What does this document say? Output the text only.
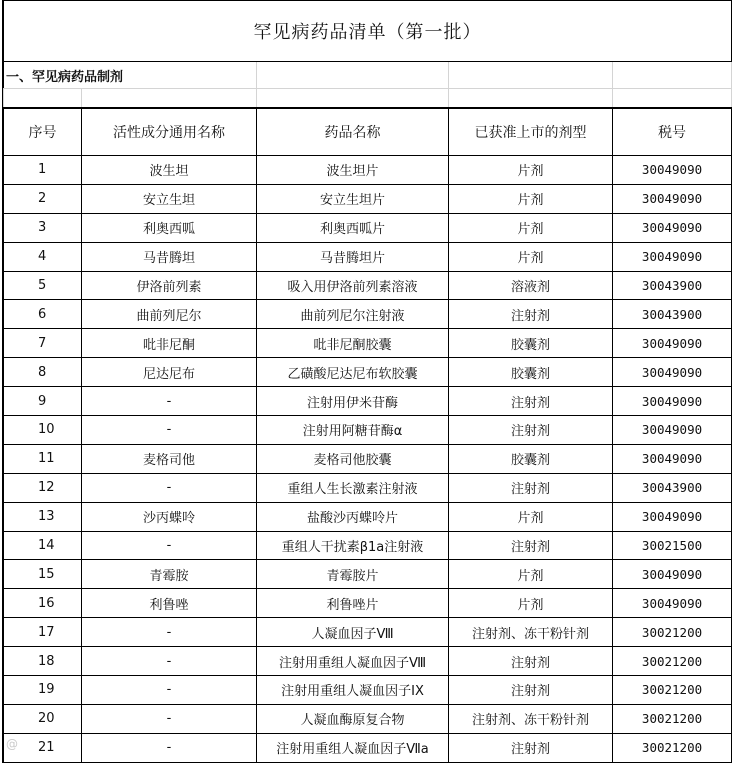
罕见病药品清单（第一批）				
一、罕见病药品制剂				

序号	活性成分通用名称	药品名称	已获准上市的剂型	税号
1	波生坦	波生坦片	片剂	30049090
2	安立生坦	安立生坦片	片剂	30049090
3	利奥西呱	利奥西呱片	片剂	30049090
4	马昔腾坦	马昔腾坦片	片剂	30049090
5	伊洛前列素	吸入用伊洛前列素溶液	溶液剂	30043900
6	曲前列尼尔	曲前列尼尔注射液	注射剂	30043900
7	吡非尼酮	吡非尼酮胶囊	胶囊剂	30049090
8	尼达尼布	乙磺酸尼达尼布软胶囊	胶囊剂	30049090
9	-	注射用伊米苷酶	注射剂	30049090
10	-	注射用阿糖苷酶α	注射剂	30049090
11	麦格司他	麦格司他胶囊	胶囊剂	30049090
12	-	重组人生长激素注射液	注射剂	30043900
13	沙丙蝶呤	盐酸沙丙蝶呤片	片剂	30049090
14	-	重组人干扰素β1a注射液	注射剂	30021500
15	青霉胺	青霉胺片	片剂	30049090
16	利鲁唑	利鲁唑片	片剂	30049090
17	-	人凝血因子Ⅷ	注射剂、冻干粉针剂	30021200
18	-	注射用重组人凝血因子Ⅷ	注射剂	30021200
19	-	注射用重组人凝血因子IX	注射剂	30021200
20	-	人凝血酶原复合物	注射剂、冻干粉针剂	30021200
21	-	注射用重组人凝血因子Ⅶa	注射剂	30021200
@
